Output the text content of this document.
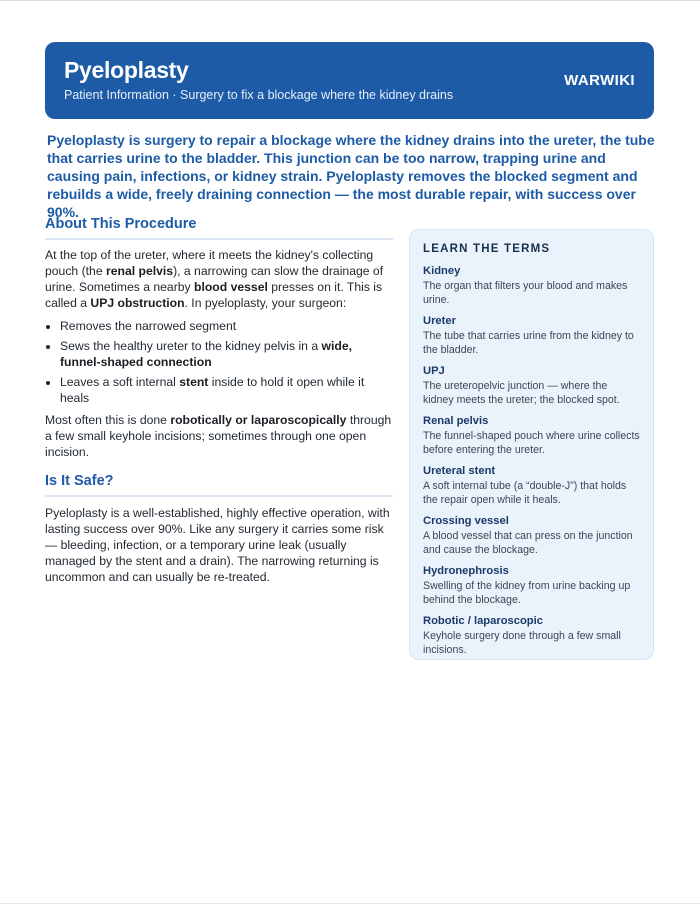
Pyeloplasty
Patient Information · Surgery to fix a blockage where the kidney drains
WARWIKI

Pyeloplasty is surgery to repair a blockage where the kidney drains into the ureter, the tube that carries urine to the bladder. This junction can be too narrow, trapping urine and causing pain, infections, or kidney strain. Pyeloplasty removes the blocked segment and rebuilds a wide, freely draining connection — the most durable repair, with success over 90%.

About This Procedure

At the top of the ureter, where it meets the kidney's collecting pouch (the renal pelvis), a narrowing can slow the drainage of urine. Sometimes a nearby blood vessel presses on it. This is called a UPJ obstruction. In pyeloplasty, your surgeon:

• Removes the narrowed segment
• Sews the healthy ureter to the kidney pelvis in a wide, funnel-shaped connection
• Leaves a soft internal stent inside to hold it open while it heals

Most often this is done robotically or laparoscopically through a few small keyhole incisions; sometimes through one open incision.

Is It Safe?

Pyeloplasty is a well-established, highly effective operation, with lasting success over 90%. Like any surgery it carries some risk — bleeding, infection, or a temporary urine leak (usually managed by the stent and a drain). The narrowing returning is uncommon and can usually be re-treated.

LEARN THE TERMS
Kidney
The organ that filters your blood and makes urine.
Ureter
The tube that carries urine from the kidney to the bladder.
UPJ
The ureteropelvic junction — where the kidney meets the ureter; the blocked spot.
Renal pelvis
The funnel-shaped pouch where urine collects before entering the ureter.
Ureteral stent
A soft internal tube (a “double-J”) that holds the repair open while it heals.
Crossing vessel
A blood vessel that can press on the junction and cause the blockage.
Hydronephrosis
Swelling of the kidney from urine backing up behind the blockage.
Robotic / laparoscopic
Keyhole surgery done through a few small incisions.
